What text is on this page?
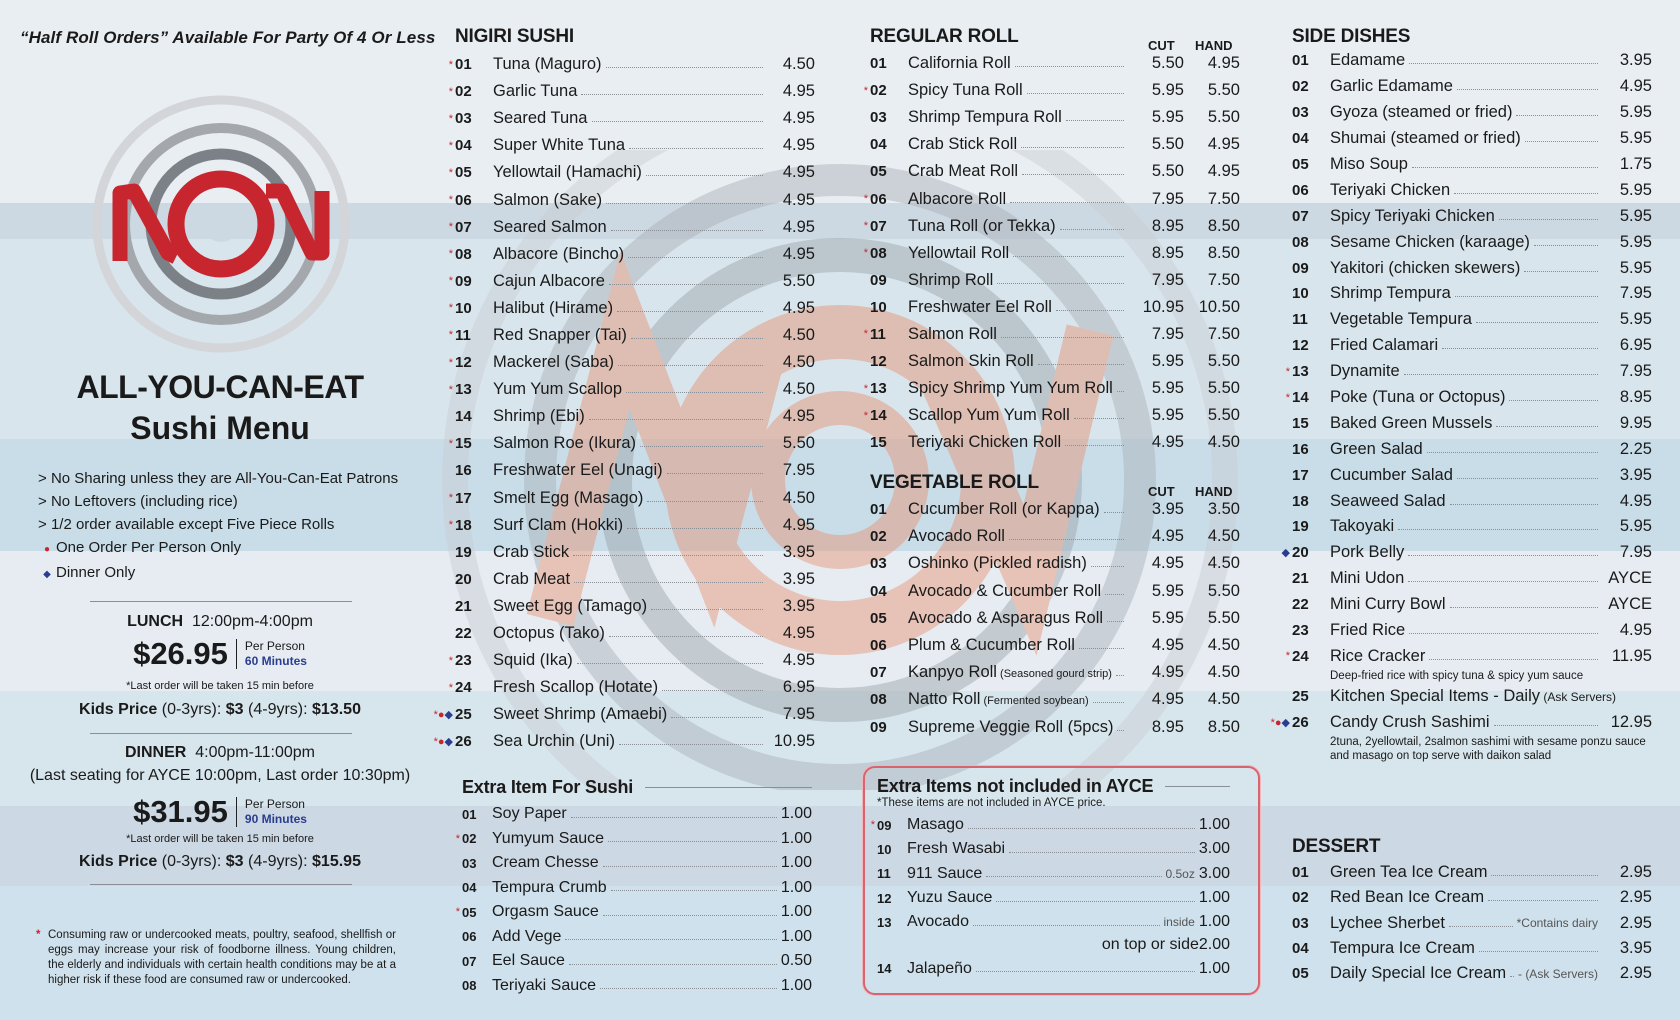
“Half Roll Orders” Available For Party Of 4 Or Less
ALL-YOU-CAN-EAT
Sushi Menu
> No Sharing unless they are All-You-Can-Eat Patrons
> No Leftovers (including rice)
> 1/2 order available except Five Piece Rolls
● One Order Per Person Only
◆ Dinner Only
LUNCH 12:00pm-4:00pm
$26.95 Per Person
60 Minutes
*Last order will be taken 15 min before
Kids Price (0-3yrs): $3 (4-9yrs): $13.50
DINNER 4:00pm-11:00pm
(Last seating for AYCE 10:00pm, Last order 10:30pm)
$31.95 Per Person
90 Minutes
*Last order will be taken 15 min before
Kids Price (0-3yrs): $3 (4-9yrs): $15.95
* Consuming raw or undercooked meats, poultry, seafood, shellfish or eggs may increase your risk of foodborne illness. Young children, the elderly and individuals with certain health conditions may be at a higher risk if these food are consumed raw or undercooked.
NIGIRI SUSHI
* 01	Tuna (Maguro)	4.50
* 02	Garlic Tuna	4.95
* 03	Seared Tuna	4.95
* 04	Super White Tuna	4.95
* 05	Yellowtail (Hamachi)	4.95
* 06	Salmon (Sake)	4.95
* 07	Seared Salmon	4.95
* 08	Albacore (Bincho)	4.95
* 09	Cajun Albacore	5.50
* 10	Halibut (Hirame)	4.95
* 11	Red Snapper (Tai)	4.50
* 12	Mackerel (Saba)	4.50
* 13	Yum Yum Scallop	4.50
14	Shrimp (Ebi)	4.95
* 15	Salmon Roe (Ikura)	5.50
16	Freshwater Eel (Unagi)	7.95
* 17	Smelt Egg (Masago)	4.50
* 18	Surf Clam (Hokki)	4.95
19	Crab Stick	3.95
20	Crab Meat	3.95
21	Sweet Egg (Tamago)	3.95
22	Octopus (Tako)	4.95
* 23	Squid (Ika)	4.95
* 24	Fresh Scallop (Hotate)	6.95
*●◆ 25	Sweet Shrimp (Amaebi)	7.95
*●◆ 26	Sea Urchin (Uni)	10.95
Extra Item For Sushi
01 Soy Paper	1.00
* 02 Yumyum Sauce	1.00
03 Cream Chesse	1.00
04 Tempura Crumb	1.00
* 05 Orgasm Sauce	1.00
06 Add Vege	1.00
07 Eel Sauce	0.50
08 Teriyaki Sauce	1.00
REGULAR ROLL	CUT HAND
01	California Roll	5.50	4.95
* 02	Spicy Tuna Roll	5.95	5.50
03	Shrimp Tempura Roll	5.95	5.50
04	Crab Stick Roll	5.50	4.95
05	Crab Meat Roll	5.50	4.95
* 06	Albacore Roll	7.95	7.50
* 07	Tuna Roll (or Tekka)	8.95	8.50
* 08	Yellowtail Roll	8.95	8.50
09	Shrimp Roll	7.95	7.50
10	Freshwater Eel Roll	10.95 10.50
* 11	Salmon Roll	7.95	7.50
12	Salmon Skin Roll	5.95	5.50
* 13	Spicy Shrimp Yum Yum Roll	5.95	5.50
* 14	Scallop Yum Yum Roll	5.95	5.50
15	Teriyaki Chicken Roll	4.95	4.50
VEGETABLE ROLL	CUT HAND
01	Cucumber Roll (or Kappa)	3.95	3.50
02	Avocado Roll	4.95	4.50
03	Oshinko (Pickled radish)	4.95	4.50
04	Avocado & Cucumber Roll	5.95	5.50
05	Avocado & Asparagus Roll	5.95	5.50
06	Plum & Cucumber Roll	4.95	4.50
07	Kanpyo Roll (Seasoned gourd strip)	4.95	4.50
08	Natto Roll (Fermented soybean)	4.95	4.50
09	Supreme Veggie Roll (5pcs)	8.95	8.50
Extra Items not included in AYCE
*These items are not included in AYCE price.
* 09 Masago	1.00
10 Fresh Wasabi	3.00
11	911 Sauce	0.5oz 3.00
12 Yuzu Sauce	1.00
13 Avocado	inside 1.00
on top or side 2.00
14 Jalapeño	1.00
SIDE DISHES
01	Edamame	3.95
02	Garlic Edamame	4.95
03	Gyoza (steamed or fried)	5.95
04	Shumai (steamed or fried)	5.95
05	Miso Soup	1.75
06	Teriyaki Chicken	5.95
07	Spicy Teriyaki Chicken	5.95
08	Sesame Chicken (karaage)	5.95
09	Yakitori (chicken skewers)	5.95
10	Shrimp Tempura	7.95
11	Vegetable Tempura	5.95
12	Fried Calamari	6.95
* 13	Dynamite	7.95
* 14	Poke (Tuna or Octopus)	8.95
15	Baked Green Mussels	9.95
16	Green Salad	2.25
17	Cucumber Salad	3.95
18	Seaweed Salad	4.95
19	Takoyaki	5.95
◆ 20	Pork Belly	7.95
21	Mini Udon	AYCE
22	Mini Curry Bowl	AYCE
23	Fried Rice	4.95
* 24	Rice Cracker	11.95
Deep-fried rice with spicy tuna & spicy yum sauce
25	Kitchen Special Items - Daily (Ask Servers)
*●◆ 26	Candy Crush Sashimi	12.95
2tuna, 2yellowtail, 2salmon sashimi with sesame ponzu sauce and masago on top serve with daikon salad
DESSERT
01	Green Tea Ice Cream	2.95
02	Red Bean Ice Cream	2.95
03	Lychee Sherbet	*Contains dairy	2.95
04	Tempura Ice Cream	3.95
05	Daily Special Ice Cream - (Ask Servers)	2.95
